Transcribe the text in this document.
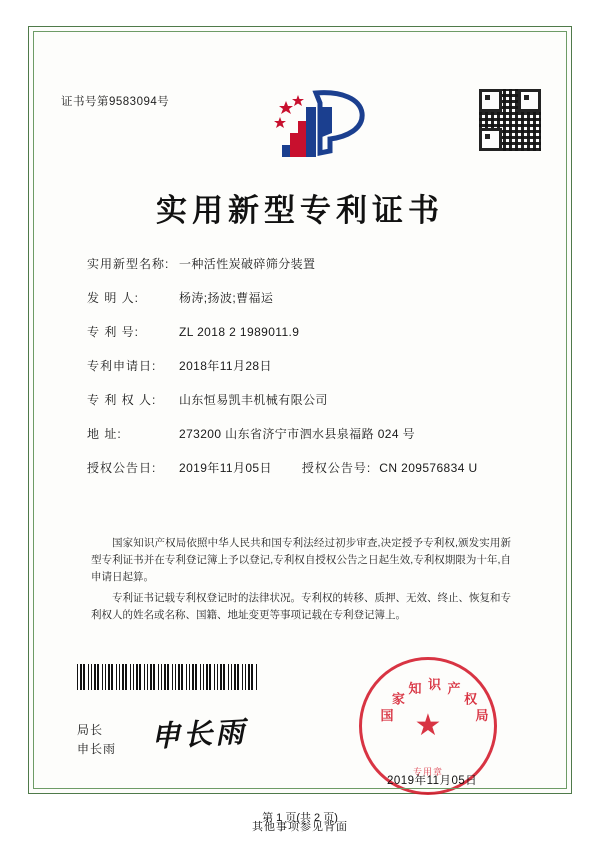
证书号第9583094号
实用新型专利证书
实用新型名称: 一种活性炭破碎筛分装置
发 明 人:	杨涛;扬波;曹福运
专 利 号:	ZL 2018 2 1989011.9
专利申请日:	2018年11月28日
专 利 权 人:	山东恒易凯丰机械有限公司
地 址:	273200 山东省济宁市泗水县泉福路 024 号
授权公告日:	2019年11月05日	授权公告号: CN 209576834 U

国家知识产权局依照中华人民共和国专利法经过初步审查,决定授予专利权,颁发实用新型专利证书并在专利登记簿上予以登记,专利权自授权公告之日起生效,专利权期限为十年,自申请日起算。

专利证书记载专利权登记时的法律状况。专利权的转移、质押、无效、终止、恢复和专利权人的姓名或名称、国籍、地址变更等事项记载在专利登记簿上。

局长
申长雨 申长雨	国
家
知 识 产
权
局
★
专用章
2019年11月05日
第 1 页(共 2 页)
其他事项参见背面
